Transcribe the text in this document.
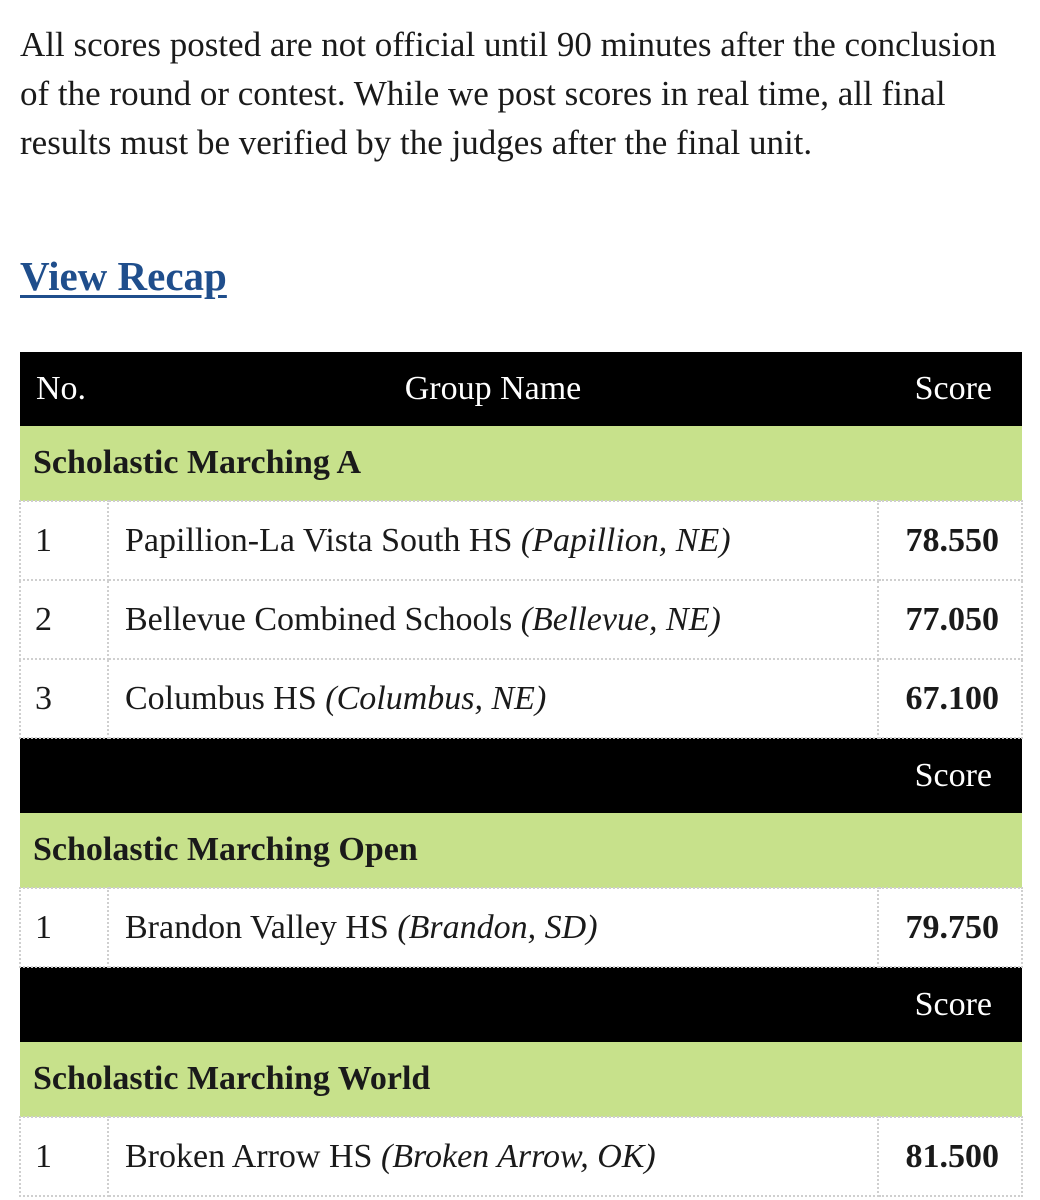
All scores posted are not official until 90 minutes after the conclusion of the round or contest. While we post scores in real time, all final results must be verified by the judges after the final unit.

View Recap
No.	Group Name	Score
Scholastic Marching A		
1	Papillion-La Vista South HS (Papillion, NE)	78.550
2	Bellevue Combined Schools (Bellevue, NE)	77.050
3	Columbus HS (Columbus, NE)	67.100
		Score
Scholastic Marching Open		
1	Brandon Valley HS (Brandon, SD)	79.750
		Score
Scholastic Marching World		
1	Broken Arrow HS (Broken Arrow, OK)	81.500
